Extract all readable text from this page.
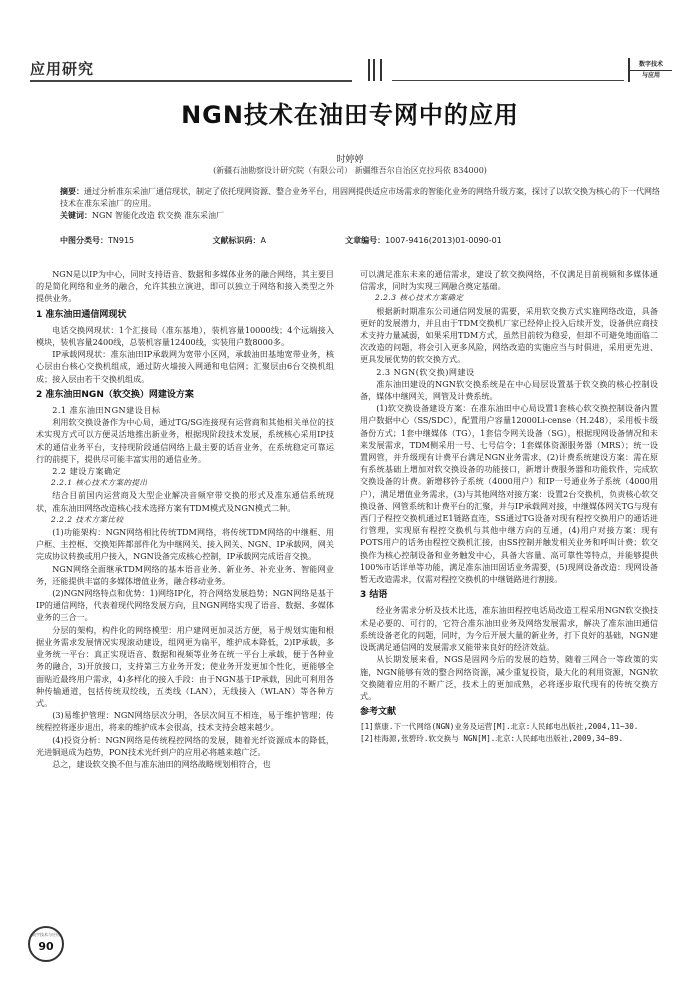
应用研究	数字技术
与应用
NGN技术在油田专网中的应用
时婷婷
(新疆石油勘察设计研究院（有限公司） 新疆维吾尔自治区克拉玛依 834000)
摘要：通过分析准东采油厂通信现状，制定了依托现网资源、整合业务平台，用固网提供适应市场需求的智能化业务的网络升级方案，探讨了以软交换为核心的下一代网络技术在准东采油厂的应用。
关键词：NGN 智能化改造 软交换 准东采油厂
中图分类号：TN915	文献标识码：A	文章编号：1007-9416(2013)01-0090-01

NGN是以IP为中心，同时支持语音、数据和多媒体业务的融合网络，其主要目的是简化网络和业务的融合，允许其独立演进，即可以独立于网络和接入类型之外提供业务。

1 准东油田通信网现状

电话交换网现状：1个汇接局（准东基地），装机容量10000线；4个远端接入模块，装机容量2400线，总装机容量12400线，实装用户数8000多。

IP承载网现状：准东油田IP承载网为宽带小区网，承载油田基地宽带业务，核心层由台核心交换机组成，通过防火墙接入网通和电信网；汇聚层由6台交换机组成；接入层由若干交换机组成。

2 准东油田NGN（软交换）网建设方案
2.1 准东油田NGN建设目标

利用软交换设备作为中心局，通过TG/SG连接现有运营商和其他相关单位的技术实现方式可以方便灵活地推出新业务，根据现阶段技术发展，系统核心采用IP技术的通信业务平台，支持现阶段通信网络上最主要的话音业务，在系统稳定可靠运行的前提下，提供尽可能丰富实用的通信业务。

2.2 建设方案确定
2.2.1 核心技术方案的提出

结合目前国内运营商及大型企业解决音频窄带交换的形式及准东通信系统现状，准东油田网络改造核心技术选择方案有TDM模式及NGN模式二种。

2.2.2 技术方案比较

(1)功能架构：NGN网络相比传统TDM网络，将传统TDM网络的中继框、用户框、主控框、交换矩阵都部件化为中继网关、接入网关、NGN、IP承载网，网关完成协议转换或用户接入，NGN设备完成核心控制，IP承载网完成语音交换。

NGN网络全面继承TDM网络的基本语音业务、新业务、补充业务、智能网业务，还能提供丰富的多媒体增值业务，融合移动业务。

(2)NGN网络特点和优势：1)网络IP化，符合网络发展趋势；NGN网络是基于IP的通信网络，代表着现代网络发展方向，且NGN网络实现了语音、数据、多媒体业务的三合一。

分层的架构，构件化的网络模型：用户建网更加灵活方便，易于规划实施和根据业务需求发展情况实现滚动建设，组网更为扁平，维护成本降低，2)IP承载，多业务统一平台：真正实现语音、数据和视频等业务在统一平台上承载，便于各种业务的融合，3)开放接口，支持第三方业务开发；使业务开发更加个性化，更能够全面贴近最终用户需求，4)多样化的接入手段：由于NGN基于IP承载，因此可利用各种传输通道，包括传统双绞线，五类线（LAN），无线接入（WLAN）等各种方式。

(3)易维护管理：NGN网络层次分明，各层次间互不相连，易于维护管理；传统程控将逐步退出，将来的维护成本会很高，技术支持会越来越少。

(4)投资分析：NGN网络是传统程控网络的发展，随着光纤资源成本的降低，光进铜退成为趋势，PON技术光纤到户的应用必将越来越广泛。

总之，建设软交换不但与准东油田的网络战略规划相符合，也

可以满足准东未来的通信需求，建设了软交换网络，不仅满足目前视频和多媒体通信需求，同时为实现三网融合奠定基础。

2.2.3 核心技术方案确定

根据新时期准东公司通信网发展的需要，采用软交换方式实施网络改造，具备更好的发展潜力，并且由于TDM交换机厂家已经停止投入后续开发，设备供应商技术支持力量减弱，如果采用TDM方式，虽然目前较为稳妥，但却不可避免地面临二次改造的问题，将会引入更多风险，网络改造的实施应当与时俱进，采用更先进、更具发展优势的软交换方式。

2.3 NGN(软交换)网建设

准东油田建设的NGN软交换系统是在中心局层设置基于软交换的核心控制设备，媒体中继网关，网管及计费系统。

(1)软交换设备建设方案：在准东油田中心局设置1套核心软交换控制设备内置用户数据中心（SS/SDC），配置用户容量12000Li-cense（H.248），采用板卡级备份方式；1套中继媒体（TG），1套信令网关设备（SG），根据现网设备情况和未来发展需求，TDM侧采用一号、七号信令；1套媒体资源服务器（MRS）；统一设置网管，并升级现有计费平台满足NGN业务需求，(2)计费系统建设方案：需在原有系统基础上增加对软交换设备的功能接口，新增计费服务器和功能软件，完成软交换设备的计费。新增移钤子系统（4000用户）和IP一号通业务子系统（4000用户），满足增值业务需求，(3)与其他网络对接方案：设置2台交换机，负责核心软交换设备、网管系统和计费平台的汇聚，并与IP承载网对接，中继媒体网关TG与现有西门子程控交换机通过E1链路直连，SS通过TG设备对现有程控交换用户的通话进行管理，实现原有程控交换机与其他中继方向的互通，(4)用户对接方案：现有POTS用户的话务由程控交换机汇接，由SS控制并触发相关业务和呼叫计费；软交换作为核心控制设备和业务触发中心，具备大容量、高可靠性等特点，并能够提供100%市话详单等功能，满足准东油田固话业务需要，(5)现网设备改造：现网设备暂无改造需求，仅需对程控交换机的中继链路进行割接。

3 结语

经业务需求分析及技术比选，准东油田程控电话局改造工程采用NGN软交换技术是必要的、可行的，它符合准东油田业务及网络发展需求，解决了准东油田通信系统设备老化的问题，同时，为今后开展大量的新业务，打下良好的基础，NGN建设既满足通信网的发展需求又能带来良好的经济效益。

从长期发展来看，NGS是固网今后的发展的趋势，随着三网合一等政策的实施，NGN能够有效的整合网络资源，减少重复投资，最大化的利用资源，NGN软交换随着应用的不断广泛，技术上的更加成熟，必将逐步取代现有的传统交换方式。

参考文献

[1]蔡康.下一代网络(NGN)业务及运营[M].北京:人民邮电出版社,2004,11~30.

[2]桂海源,张碧玲.软交换与 NGN[M].北京:人民邮电出版社,2009,34~89.

数字技术与应用
90
